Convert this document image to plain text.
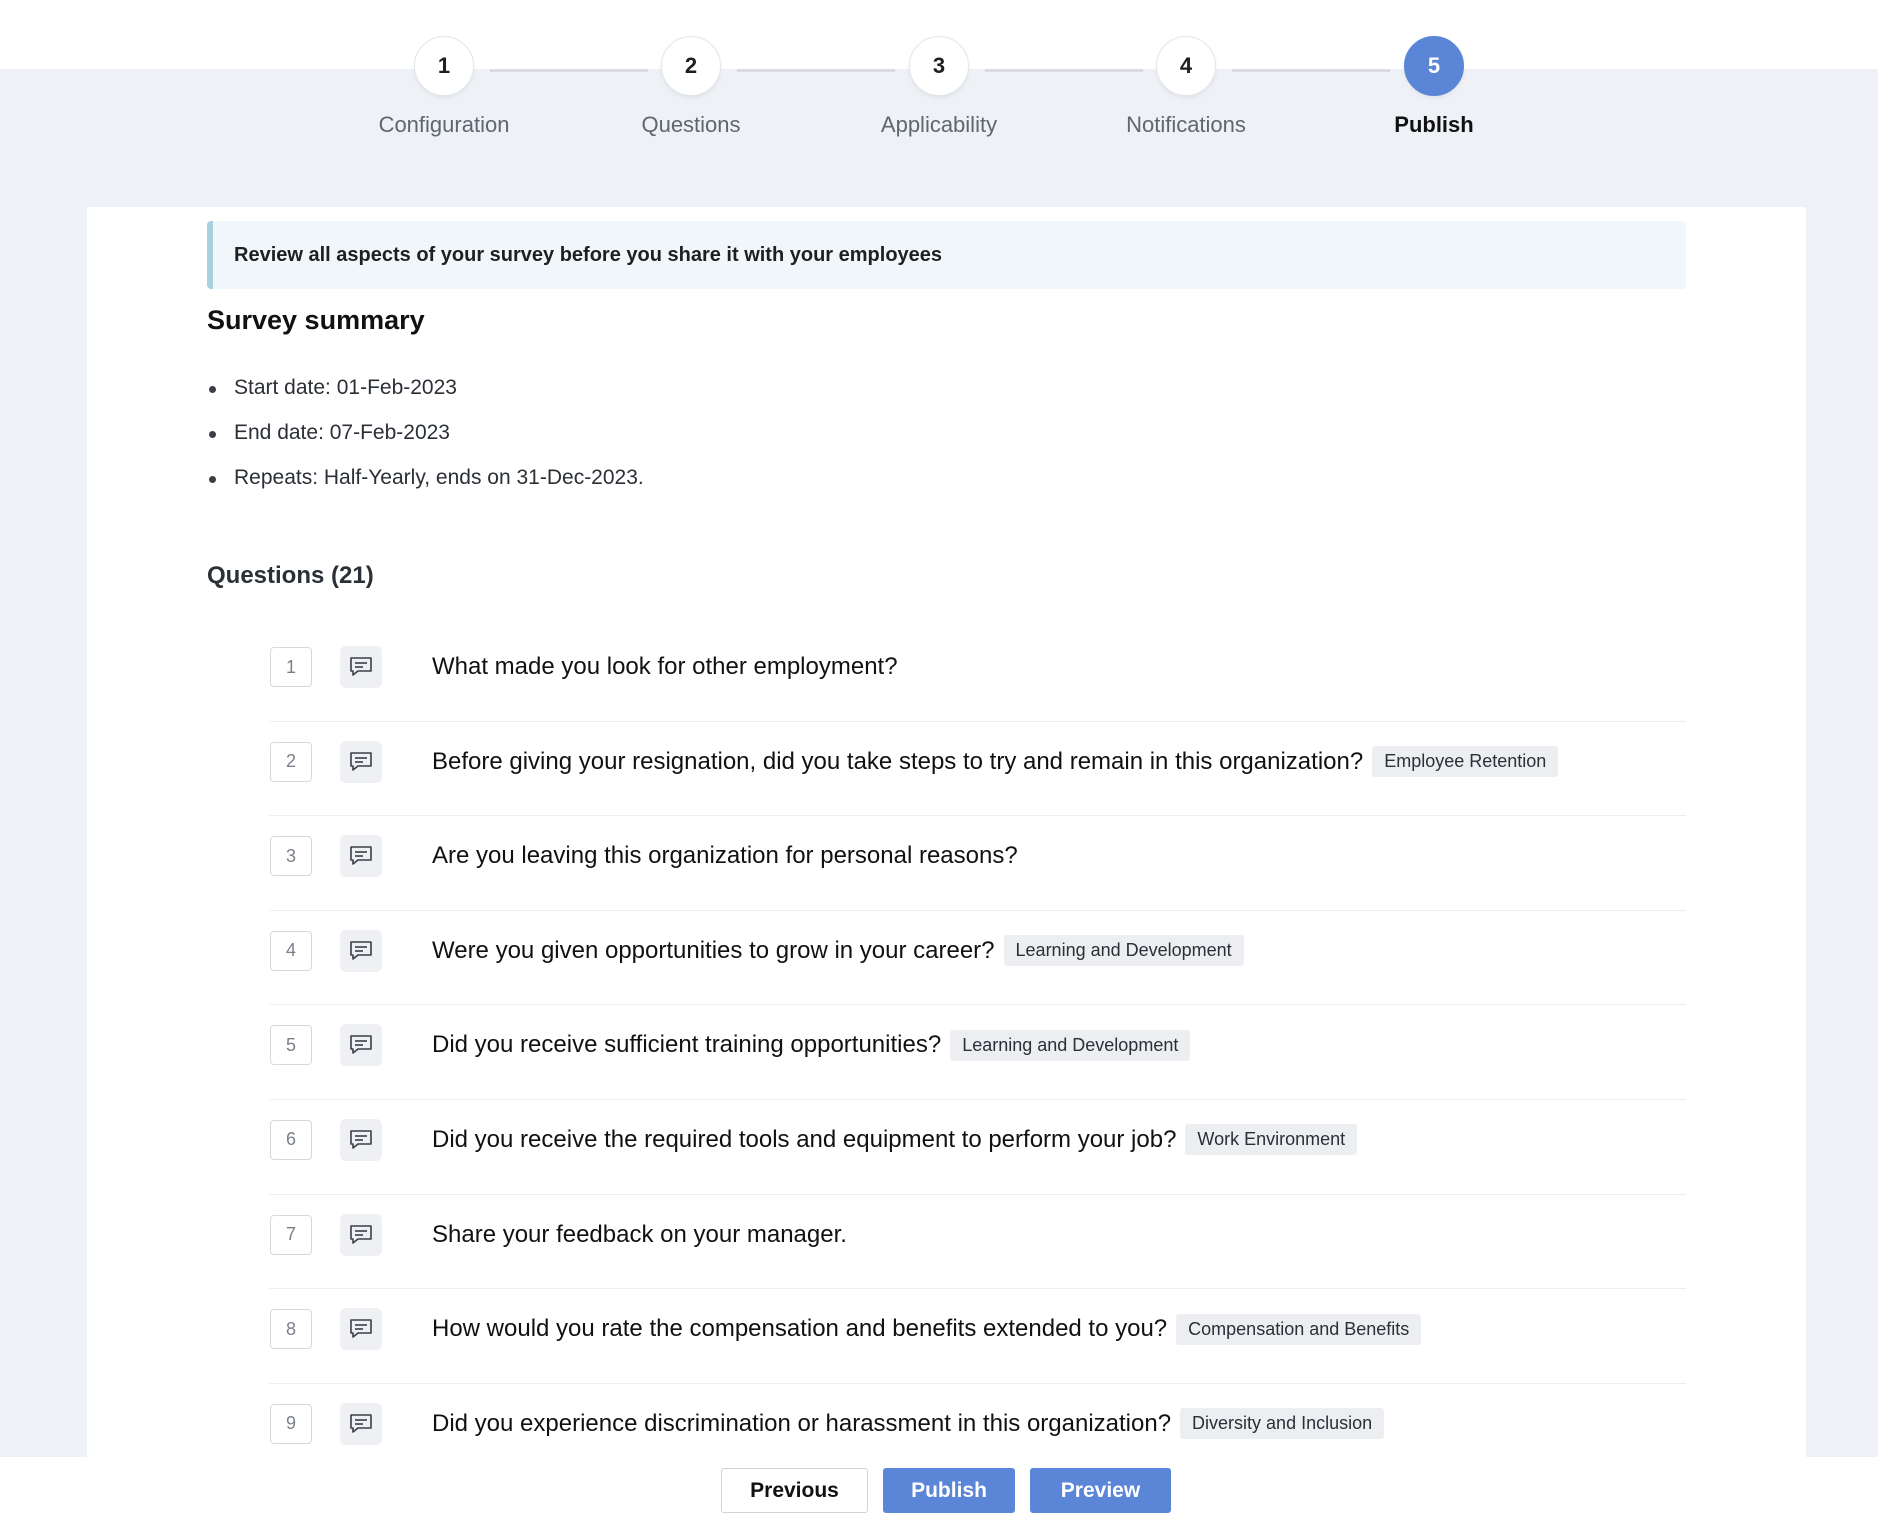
1
Configuration
2
Questions
3
Applicability
4
Notifications
5
Publish
Review all aspects of your survey before you share it with your employees
Survey summary
Start date: 01-Feb-2023
End date: 07-Feb-2023
Repeats: Half-Yearly, ends on 31-Dec-2023.
Questions (21)
1	What made you look for other employment?
2	Before giving your resignation, did you take steps to try and remain in this organization?	Employee Retention
3	Are you leaving this organization for personal reasons?
4	Were you given opportunities to grow in your career?	Learning and Development
5	Did you receive sufficient training opportunities?	Learning and Development
6	Did you receive the required tools and equipment to perform your job?	Work Environment
7	Share your feedback on your manager.
8	How would you rate the compensation and benefits extended to you?	Compensation and Benefits
9	Did you experience discrimination or harassment in this organization?	Diversity and Inclusion
Previous	Publish	Preview
